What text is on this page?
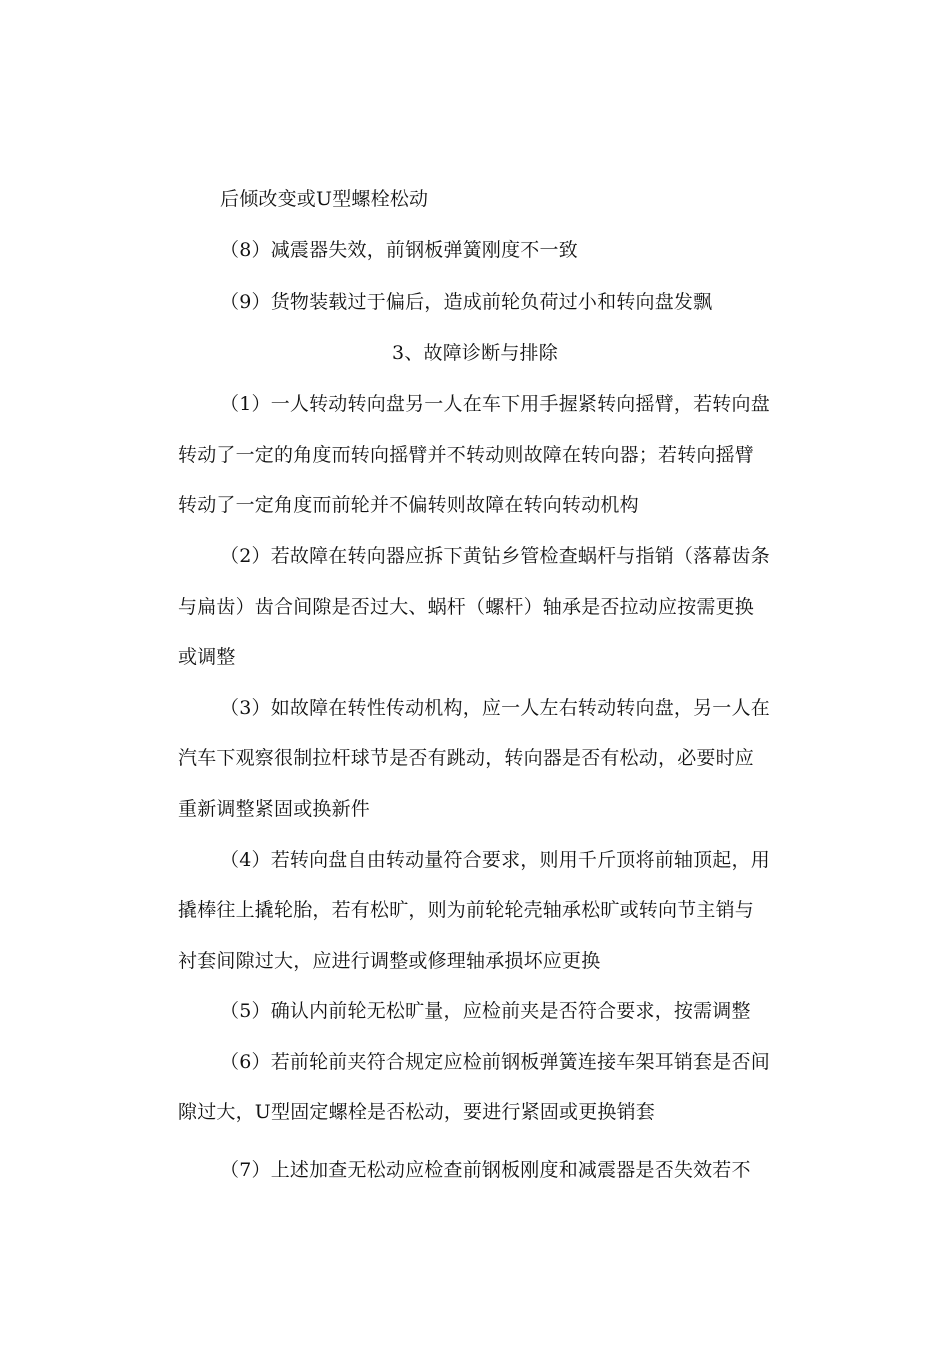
后倾改变或U型螺栓松动
（8）减震器失效，前钢板弹簧刚度不一致
（9）货物装载过于偏后，造成前轮负荷过小和转向盘发飘
3、故障诊断与排除
（1）一人转动转向盘另一人在车下用手握紧转向摇臂，若转向盘
转动了一定的角度而转向摇臂并不转动则故障在转向器；若转向摇臂
转动了一定角度而前轮并不偏转则故障在转向转动机构
（2）若故障在转向器应拆下黄钻乡管检查蜗杆与指销（落幕齿条
与扁齿）齿合间隙是否过大、蜗杆（螺杆）轴承是否拉动应按需更换
或调整
（3）如故障在转性传动机构，应一人左右转动转向盘，另一人在
汽车下观察很制拉杆球节是否有跳动，转向器是否有松动，必要时应
重新调整紧固或换新件
（4）若转向盘自由转动量符合要求，则用千斤顶将前轴顶起，用
撬棒往上撬轮胎，若有松旷，则为前轮轮壳轴承松旷或转向节主销与
衬套间隙过大，应进行调整或修理轴承损坏应更换
（5）确认内前轮无松旷量，应检前夹是否符合要求，按需调整
（6）若前轮前夹符合规定应检前钢板弹簧连接车架耳销套是否间
隙过大，U型固定螺栓是否松动，要进行紧固或更换销套
（7）上述加查无松动应检查前钢板刚度和减震器是否失效若不
